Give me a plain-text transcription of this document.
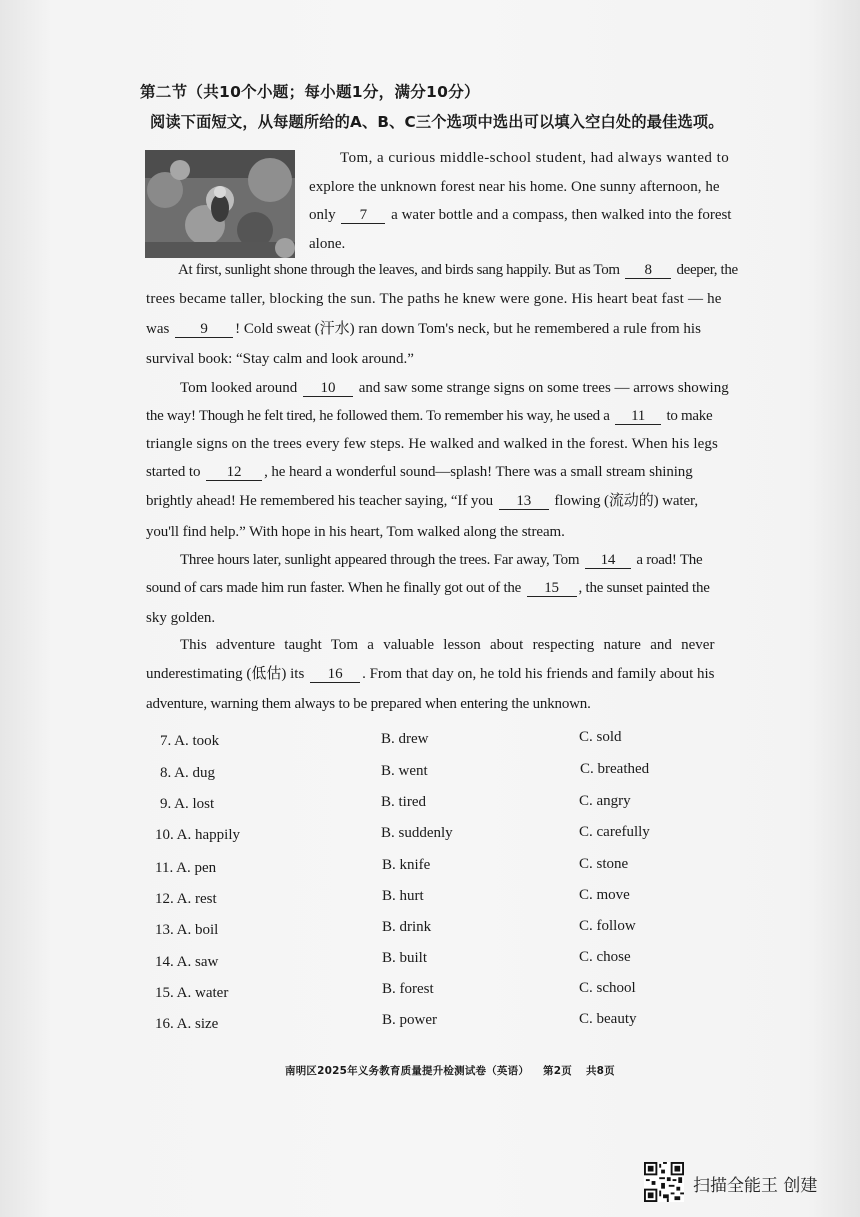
第二节（共10个小题；每小题1分，满分10分）
阅读下面短文，从每题所给的A、B、C三个选项中选出可以填入空白处的最佳选项。
Tom, a curious middle-school student, had always wanted to
explore the unknown forest near his home. One sunny afternoon, he
only 7 a water bottle and a compass, then walked into the forest
alone.
At first, sunlight shone through the leaves, and birds sang happily. But as Tom 8 deeper, the
trees became taller, blocking the sun. The paths he knew were gone. His heart beat fast — he
was 9 ! Cold sweat (汗水) ran down Tom's neck, but he remembered a rule from his
survival book: “Stay calm and look around.”
Tom looked around 10 and saw some strange signs on some trees — arrows showing
the way! Though he felt tired, he followed them. To remember his way, he used a 11 to make
triangle signs on the trees every few steps. He walked and walked in the forest. When his legs
started to 12 , he heard a wonderful sound—splash! There was a small stream shining
brightly ahead! He remembered his teacher saying, “If you 13 flowing (流动的) water,
you'll find help.” With hope in his heart, Tom walked along the stream.
Three hours later, sunlight appeared through the trees. Far away, Tom 14 a road! The
sound of cars made him run faster. When he finally got out of the 15 , the sunset painted the
sky golden.
This adventure taught Tom a valuable lesson about respecting nature and never
underestimating (低估) its 16 . From that day on, he told his friends and family about his
adventure, warning them always to be prepared when entering the unknown.
7. A. took	B. drew	C. sold
8. A. dug	B. went	C. breathed
9. A. lost	B. tired	C. angry
10. A. happily	B. suddenly	C. carefully
11. A. pen	B. knife	C. stone
12. A. rest	B. hurt	C. move
13. A. boil	B. drink	C. follow
14. A. saw	B. built	C. chose
15. A. water	B. forest	C. school
16. A. size	B. power	C. beauty
南明区2025年义务教育质量提升检测试卷（英语） 第2页 共8页
扫描全能王 创建
